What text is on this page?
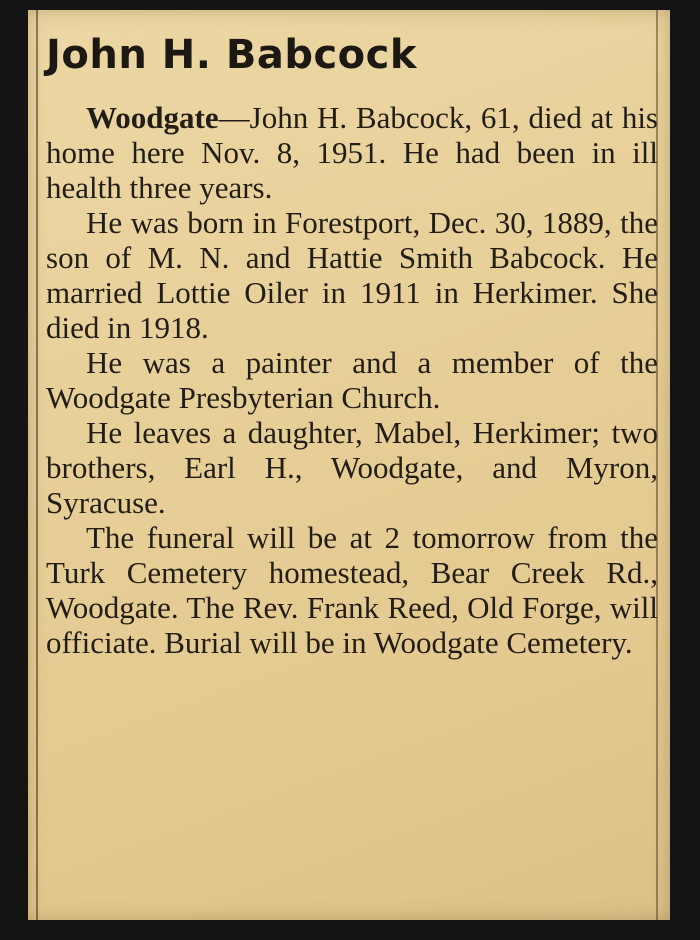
John H. Babcock

Woodgate—John H. Babcock, 61, died at his home here Nov. 8, 1951. He had been in ill health three years.

He was born in Forestport, Dec. 30, 1889, the son of M. N. and Hattie Smith Babcock. He married Lottie Oiler in 1911 in Herkimer. She died in 1918.

He was a painter and a member of the Woodgate Presbyterian Church.

He leaves a daughter, Mabel, Herkimer; two brothers, Earl H., Woodgate, and Myron, Syracuse.

The funeral will be at 2 tomorrow from the Turk Cemetery homestead, Bear Creek Rd., Woodgate. The Rev. Frank Reed, Old Forge, will officiate. Burial will be in Woodgate Cemetery.
